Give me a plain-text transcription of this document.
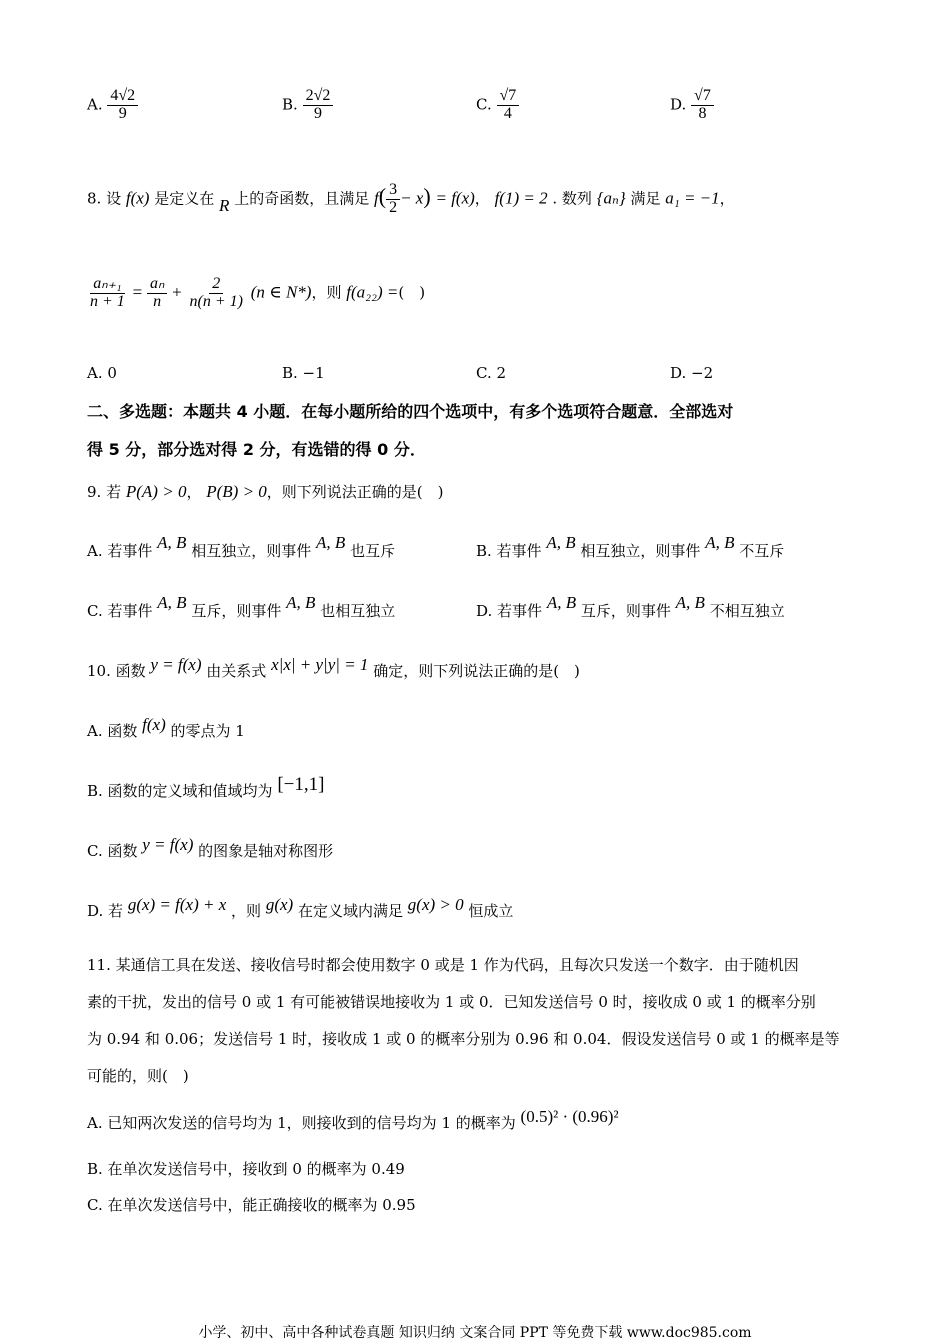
A. $\frac{4√2}{9}$	B. $\frac{2√2}{9}$	C. $\frac{√7}{4}$	D. $\frac{√7}{8}$
8. 设 f(x) 是定义在 R 上的奇函数，且满足 $f( \frac{3}{2} - x) = f(x)$， f(1) = 2 . 数列 {aₙ} 满足 a₁ = −1，
$\frac{\text{aₙ₊₁}}{n + 1} = \frac{\text{aₙ}}{n} + \frac{2}{n(n + 1)} (n$ ∈ N*)，则 f(a₂₂) =(　)
A. 0	B. −1	C. 2	D. −2
二、多选题：本题共 4 小题．在每小题所给的四个选项中，有多个选项符合题意．全部选对
得 5 分，部分选对得 2 分，有选错的得 0 分．
9. 若 P(A) > 0， P(B) > 0，则下列说法正确的是(　)
A. 若事件 A, B 相互独立，则事件 A, B 也互斥	B. 若事件 A, B 相互独立，则事件 A, B 不互斥
C. 若事件 A, B 互斥，则事件 A, B 也相互独立	D. 若事件 A, B 互斥，则事件 A, B 不相互独立
10. 函数 y = f(x) 由关系式 x|x| + y|y| = 1 确定，则下列说法正确的是(　)
A. 函数 f(x) 的零点为 1
B. 函数的定义域和值域均为 [−1,1]
C. 函数 y = f(x) 的图象是轴对称图形
D. 若 g(x) = f(x) + x ，则 g(x) 在定义域内满足 g(x) > 0 恒成立
11. 某通信工具在发送、接收信号时都会使用数字 0 或是 1 作为代码，且每次只发送一个数字．由于随机因
素的干扰，发出的信号 0 或 1 有可能被错误地接收为 1 或 0．已知发送信号 0 时，接收成 0 或 1 的概率分别
为 0.94 和 0.06；发送信号 1 时，接收成 1 或 0 的概率分别为 0.96 和 0.04．假设发送信号 0 或 1 的概率是等
可能的，则(　)
A. 已知两次发送的信号均为 1，则接收到的信号均为 1 的概率为 (0.5)² · (0.96)²
B. 在单次发送信号中，接收到 0 的概率为 0.49
C. 在单次发送信号中，能正确接收的概率为 0.95
小学、初中、高中各种试卷真题 知识归纳 文案合同 PPT 等免费下载 www.doc985.com
